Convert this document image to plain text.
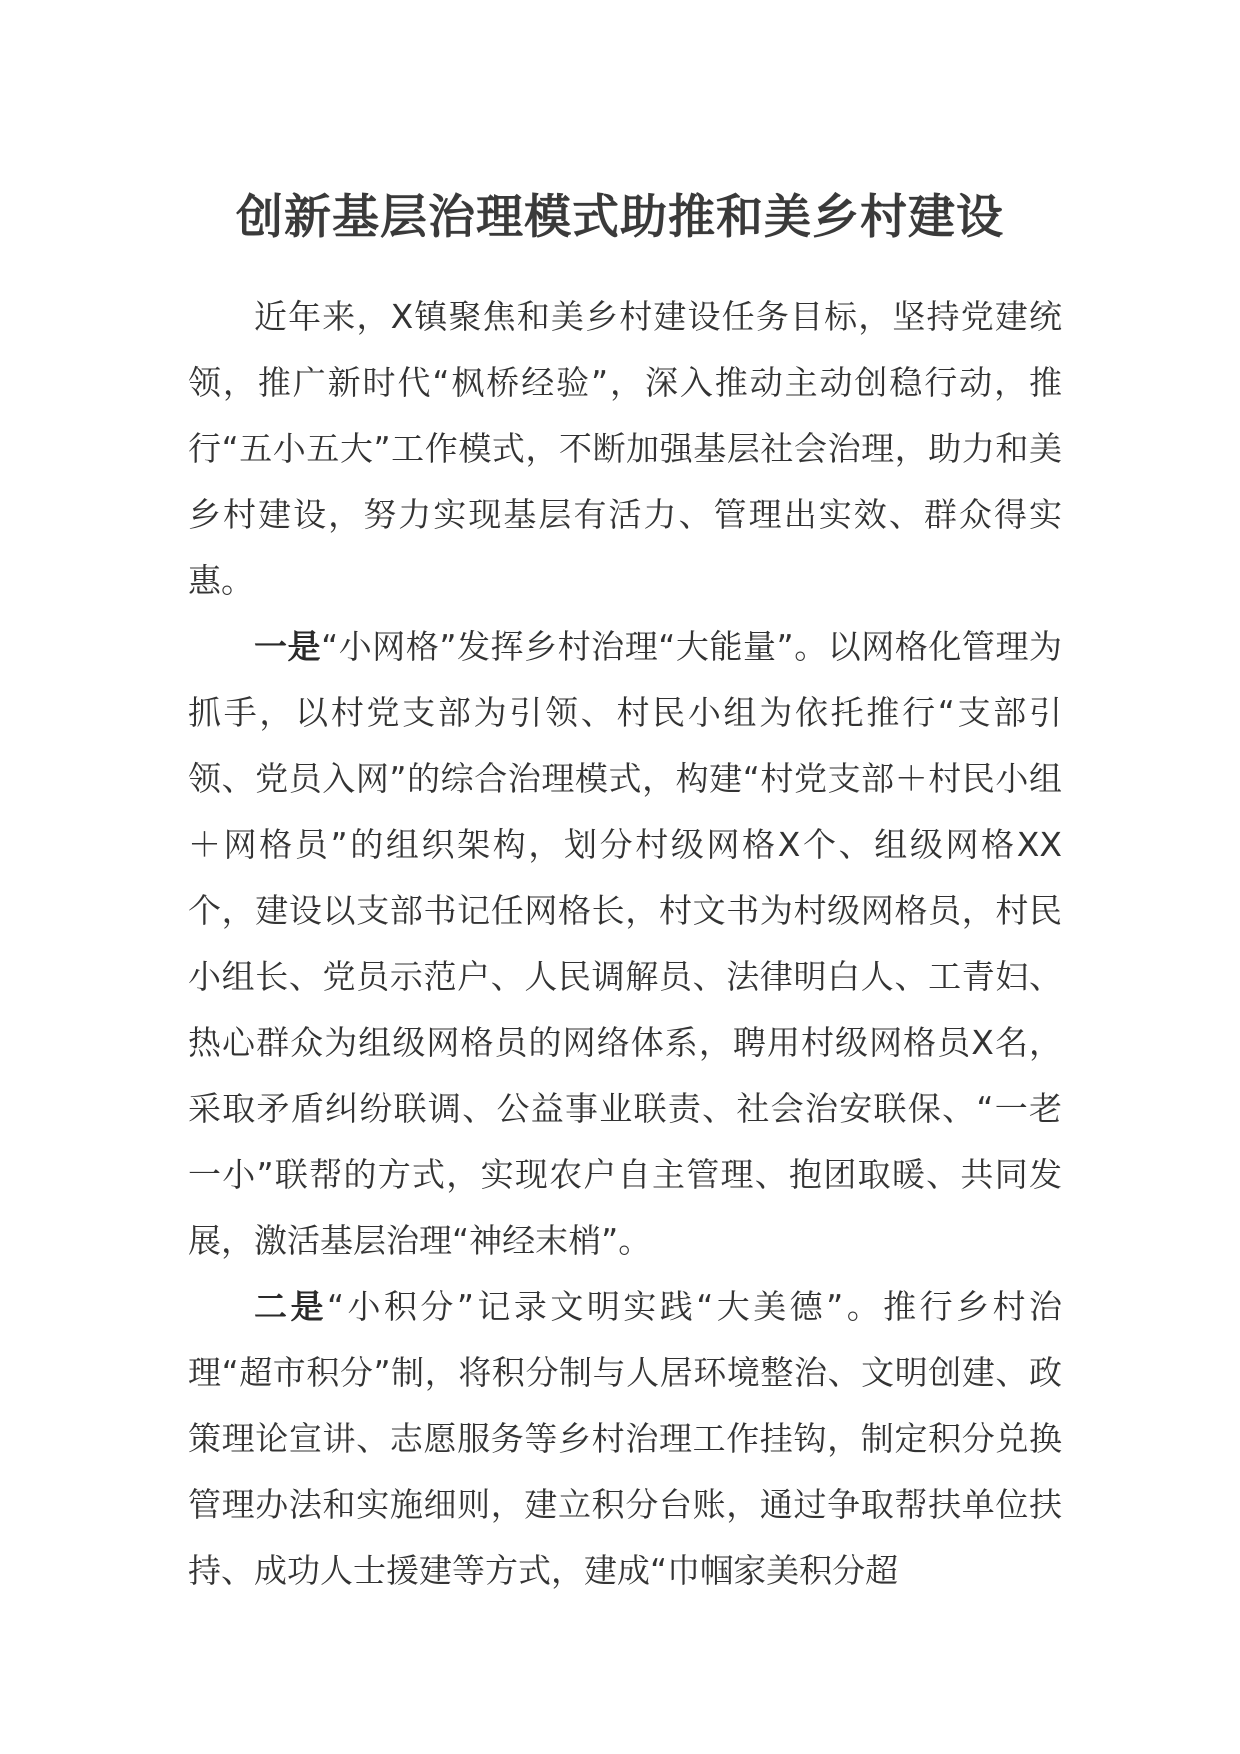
创新基层治理模式助推和美乡村建设

近年来，X镇聚焦和美乡村建设任务目标，坚持党建统领，推广新时代“枫桥经验”，深入推动主动创稳行动，推行“五小五大”工作模式，不断加强基层社会治理，助力和美乡村建设，努力实现基层有活力、管理出实效、群众得实惠。

一是“小网格”发挥乡村治理“大能量”。以网格化管理为抓手，以村党支部为引领、村民小组为依托推行“支部引领、党员入网”的综合治理模式，构建“村党支部＋村民小组＋网格员”的组织架构，划分村级网格X个、组级网格XX个，建设以支部书记任网格长，村文书为村级网格员，村民小组长、党员示范户、人民调解员、法律明白人、工青妇、热心群众为组级网格员的网络体系，聘用村级网格员X名，采取矛盾纠纷联调、公益事业联责、社会治安联保、“一老一小”联帮的方式，实现农户自主管理、抱团取暖、共同发展，激活基层治理“神经末梢”。

二是“小积分”记录文明实践“大美德”。推行乡村治理“超市积分”制，将积分制与人居环境整治、文明创建、政策理论宣讲、志愿服务等乡村治理工作挂钩，制定积分兑换管理办法和实施细则，建立积分台账，通过争取帮扶单位扶持、成功人士援建等方式，建成“巾帼家美积分超
